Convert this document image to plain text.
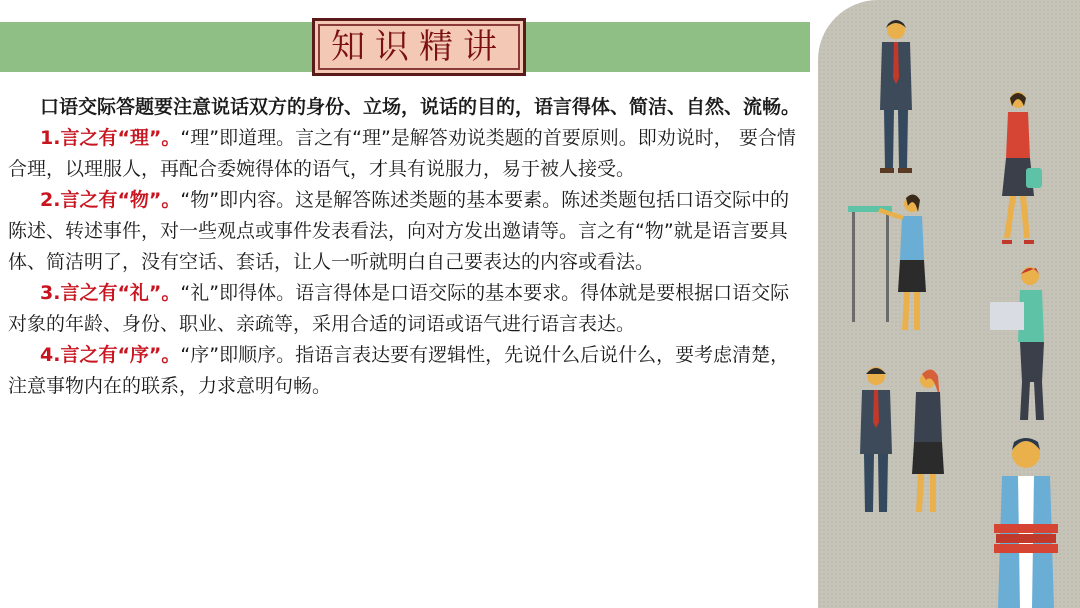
知识精讲

口语交际答题要注意说话双方的身份、立场，说话的目的，语言得体、简洁、自然、流畅。

1.言之有“理”。“理”即道理。言之有“理”是解答劝说类题的首要原则。即劝说时， 要合情合理，以理服人，再配合委婉得体的语气，才具有说服力，易于被人接受。

2.言之有“物”。“物”即内容。这是解答陈述类题的基本要素。陈述类题包括口语交际中的陈述、转述事件，对一些观点或事件发表看法，向对方发出邀请等。言之有“物”就是语言要具体、简洁明了，没有空话、套话，让人一听就明白自己要表达的内容或看法。

3.言之有“礼”。“礼”即得体。语言得体是口语交际的基本要求。得体就是要根据口语交际对象的年龄、身份、职业、亲疏等，采用合适的词语或语气进行语言表达。

4.言之有“序”。“序”即顺序。指语言表达要有逻辑性，先说什么后说什么，要考虑清楚，注意事物内在的联系，力求意明句畅。
